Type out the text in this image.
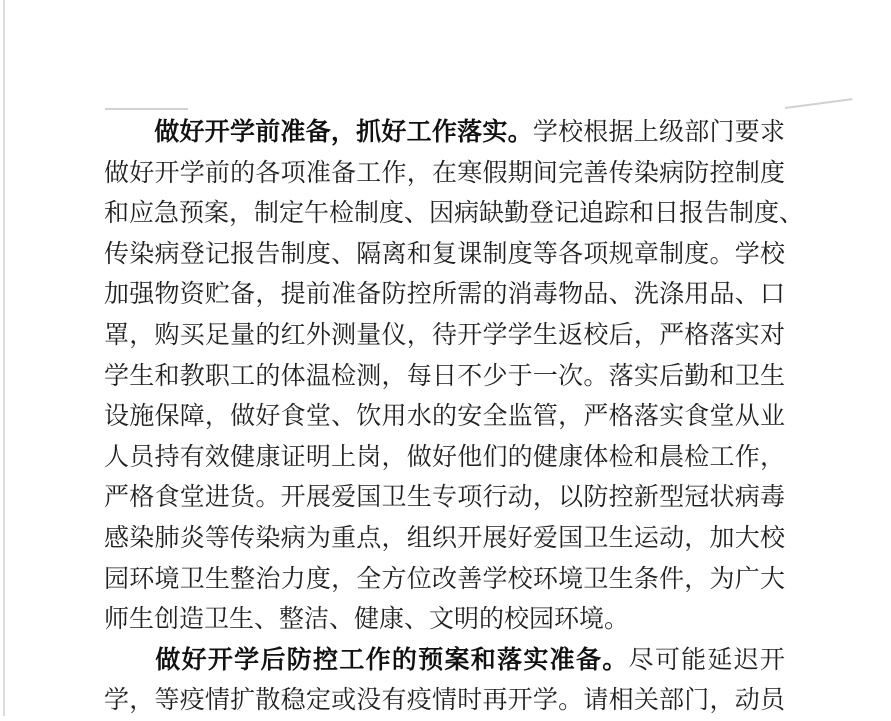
做好开学前准备，抓好工作落实。学校根据上级部门要求
做好开学前的各项准备工作，在寒假期间完善传染病防控制度
和应急预案，制定午检制度、因病缺勤登记追踪和日报告制度、
传染病登记报告制度、隔离和复课制度等各项规章制度。学校
加强物资贮备，提前准备防控所需的消毒物品、洗涤用品、口
罩，购买足量的红外测量仪，待开学学生返校后，严格落实对
学生和教职工的体温检测，每日不少于一次。落实后勤和卫生
设施保障，做好食堂、饮用水的安全监管，严格落实食堂从业
人员持有效健康证明上岗，做好他们的健康体检和晨检工作，
严格食堂进货。开展爱国卫生专项行动，以防控新型冠状病毒
感染肺炎等传染病为重点，组织开展好爱国卫生运动，加大校
园环境卫生整治力度，全方位改善学校环境卫生条件，为广大
师生创造卫生、整洁、健康、文明的校园环境。
做好开学后防控工作的预案和落实准备。尽可能延迟开
学，等疫情扩散稳定或没有疫情时再开学。请相关部门，动员
